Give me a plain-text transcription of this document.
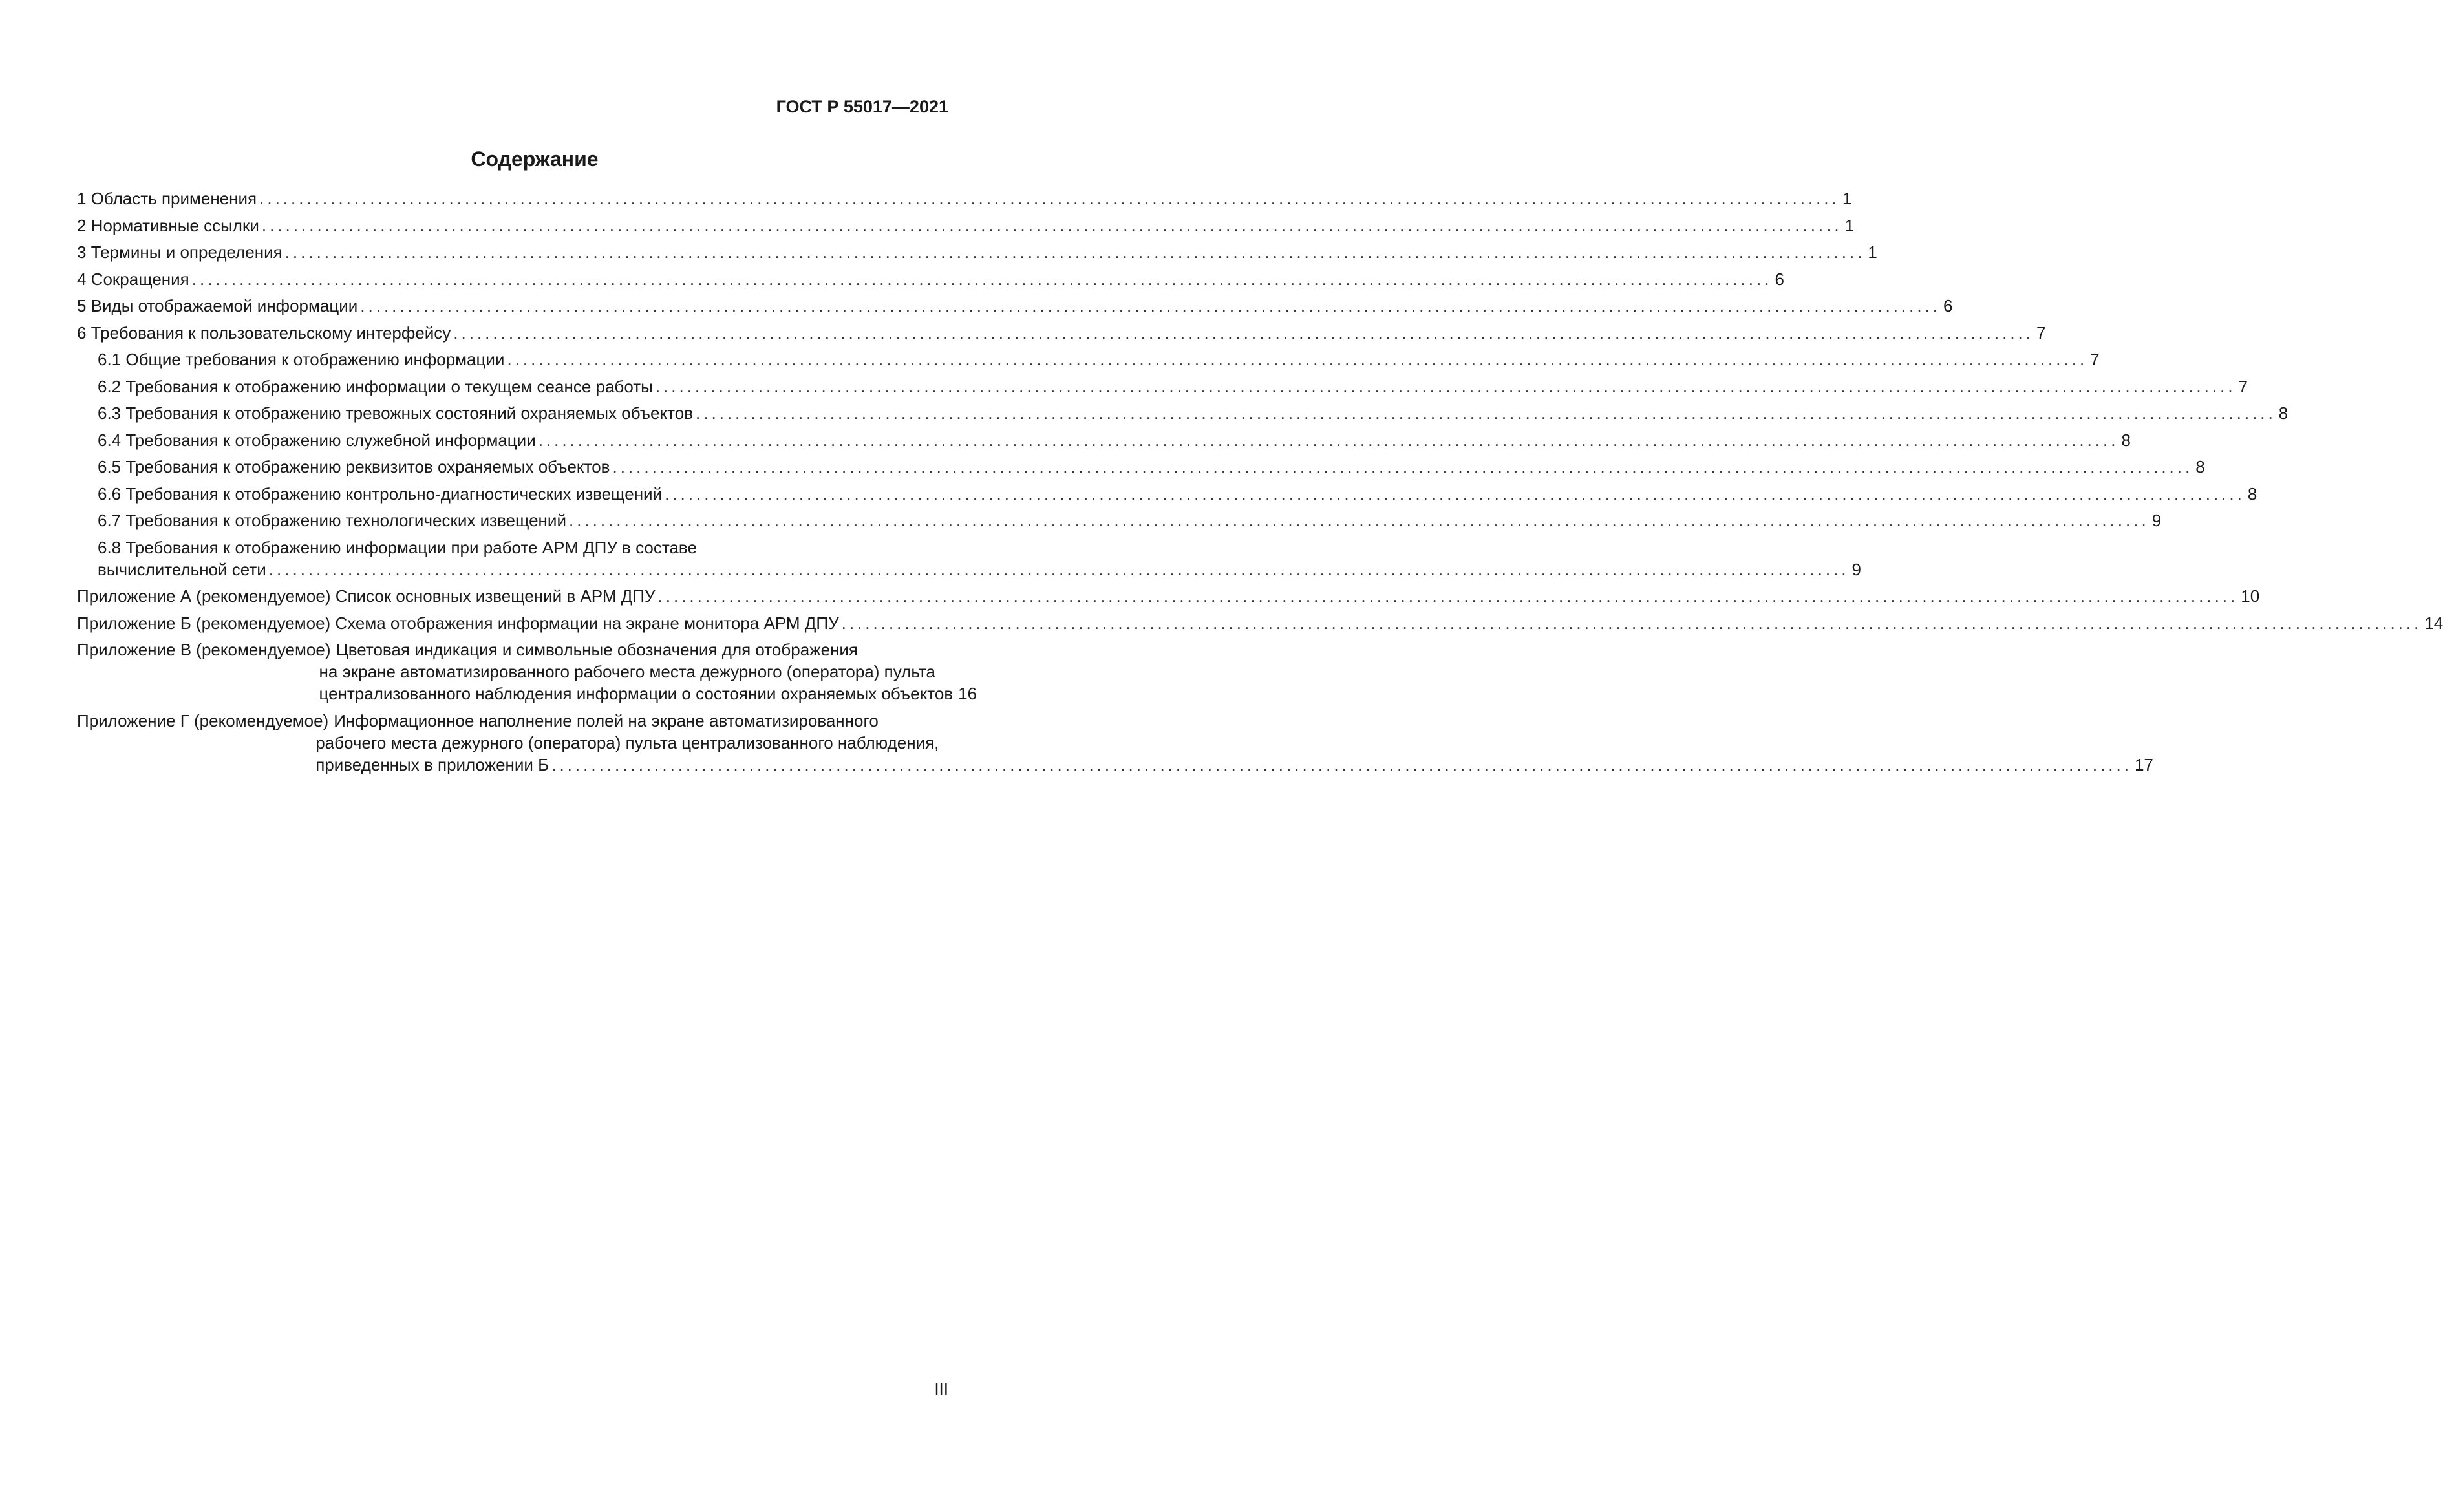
ГОСТ Р 55017—2021

Содержание
1 Область применения ........................................................................................................................................................................................................ 1
2 Нормативные ссылки ........................................................................................................................................................................................................ 1
3 Термины и определения ........................................................................................................................................................................................................ 1
4 Сокращения ........................................................................................................................................................................................................ 6
5 Виды отображаемой информации ........................................................................................................................................................................................................ 6
6 Требования к пользовательскому интерфейсу ........................................................................................................................................................................................................ 7
6.1 Общие требования к отображению информации ........................................................................................................................................................................................................ 7
6.2 Требования к отображению информации о текущем сеансе работы ........................................................................................................................................................................................................ 7
6.3 Требования к отображению тревожных состояний охраняемых объектов ........................................................................................................................................................................................................ 8
6.4 Требования к отображению служебной информации ........................................................................................................................................................................................................ 8
6.5 Требования к отображению реквизитов охраняемых объектов ........................................................................................................................................................................................................ 8
6.6 Требования к отображению контрольно-диагностических извещений ........................................................................................................................................................................................................ 8
6.7 Требования к отображению технологических извещений ........................................................................................................................................................................................................ 9
6.8 Требования к отображению информации при работе АРМ ДПУ в составе
вычислительной сети ........................................................................................................................................................................................................ 9
Приложение А (рекомендуемое) Список основных извещений в АРМ ДПУ ........................................................................................................................................................................................................ 10
Приложение Б (рекомендуемое) Схема отображения информации на экране монитора АРМ ДПУ ........................................................................................................................................................................................................ 14
Приложение В (рекомендуемое) Цветовая индикация и символьные обозначения для отображения
на экране автоматизированного рабочего места дежурного (оператора) пульта
централизованного наблюдения информации о состоянии охраняемых объектов 16
Приложение Г (рекомендуемое) Информационное наполнение полей на экране автоматизированного
рабочего места дежурного (оператора) пульта централизованного наблюдения,
приведенных в приложении Б ........................................................................................................................................................................................................ 17

III
